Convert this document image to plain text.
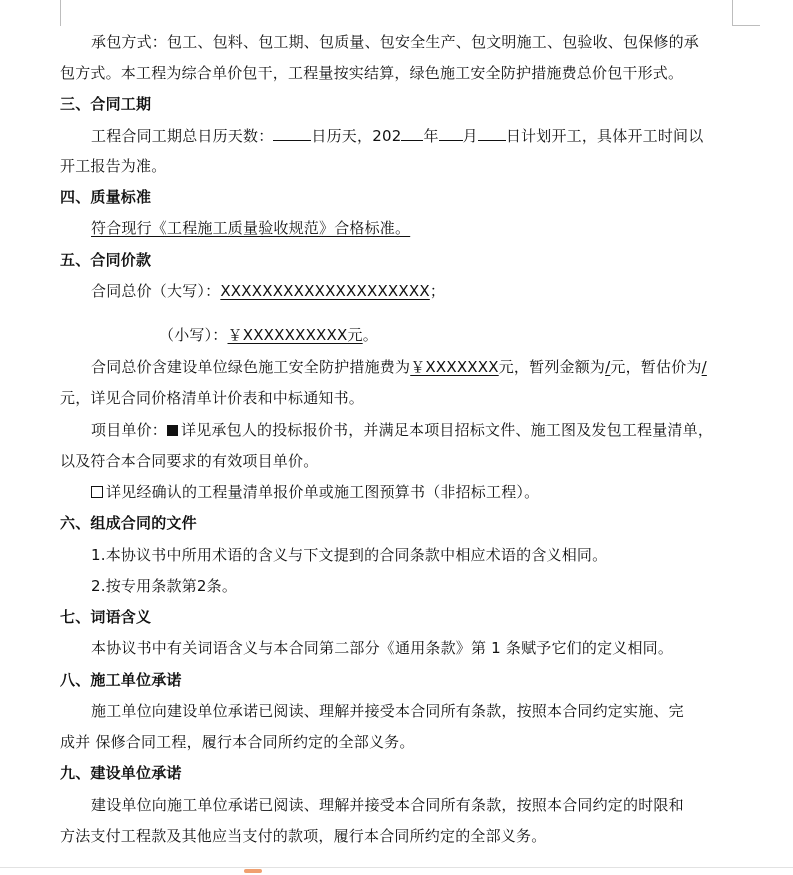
承包方式：包工、包料、包工期、包质量、包安全生产、包文明施工、包验收、包保修的承
包方式。本工程为综合单价包干，工程量按实结算，绿色施工安全防护措施费总价包干形式。
三、合同工期
工程合同工期总日历天数：	日历天，202 年 月 日计划开工，具体开工时间以
开工报告为准。
四、质量标准
符合现行《工程施工质量验收规范》合格标准。
五、合同价款
合同总价（大写）：XXXXXXXXXXXXXXXXXXXX；
（小写）：￥XXXXXXXXXX元。
合同总价含建设单位绿色施工安全防护措施费为￥XXXXXXX元，暂列金额为/元，暂估价为/
元，详见合同价格清单计价表和中标通知书。
项目单价： 详见承包人的投标报价书，并满足本项目招标文件、施工图及发包工程量清单，
以及符合本合同要求的有效项目单价。
详见经确认的工程量清单报价单或施工图预算书（非招标工程）。
六、组成合同的文件
1.本协议书中所用术语的含义与下文提到的合同条款中相应术语的含义相同。
2.按专用条款第2条。
七、词语含义
本协议书中有关词语含义与本合同第二部分《通用条款》第 1 条赋予它们的定义相同。
八、施工单位承诺
施工单位向建设单位承诺已阅读、理解并接受本合同所有条款，按照本合同约定实施、完
成并 保修合同工程，履行本合同所约定的全部义务。
九、建设单位承诺
建设单位向施工单位承诺已阅读、理解并接受本合同所有条款，按照本合同约定的时限和
方法支付工程款及其他应当支付的款项，履行本合同所约定的全部义务。
